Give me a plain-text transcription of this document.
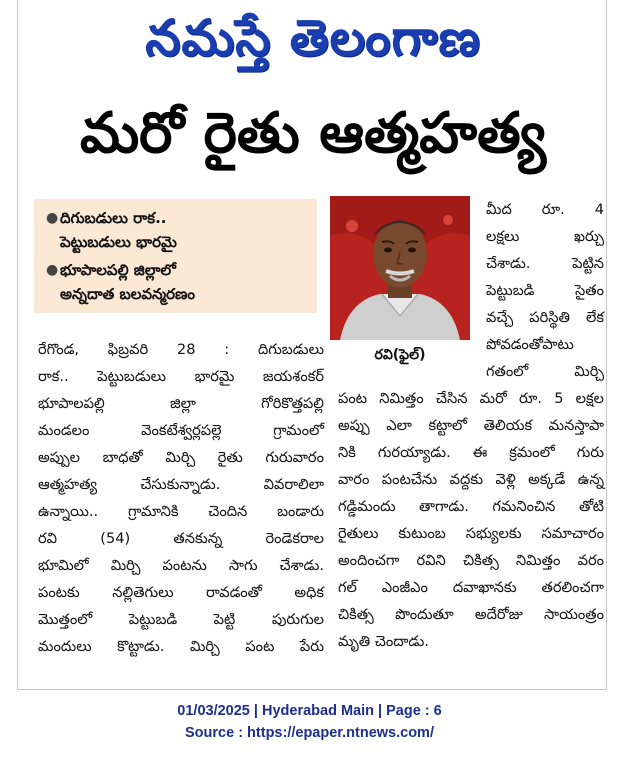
నమస్తే తెలంగాణ
మరో రైతు ఆత్మహత్య
● దిగుబడులు రాక..
పెట్టుబడులు భారమై
● భూపాలపల్లి జిల్లాలో
అన్నదాత బలవన్మరణం
రవి(ఫైల్)
రేగొండ, ఫిబ్రవరి 28 : దిగుబడులు
రాక.. పెట్టుబడులు భారమై జయశంకర్
భూపాలపల్లి జిల్లా గోరికొత్తపల్లి
మండలం వెంకటేశ్వర్లపల్లె గ్రామంలో
అప్పుల బాధతో మిర్చి రైతు గురువారం
ఆత్మహత్య చేసుకున్నాడు. వివరాలిలా
ఉన్నాయి.. గ్రామానికి చెందిన బండారు
రవి (54) తనకున్న రెండెకరాల
భూమిలో మిర్చి పంటను సాగు చేశాడు.
పంటకు నల్లితెగులు రావడంతో అధిక
మొత్తంలో పెట్టుబడి పెట్టి పురుగుల
మందులు కొట్టాడు. మిర్చి పంట పేరు
మీద రూ. 4
లక్షలు ఖర్చు
చేశాడు. పెట్టిన
పెట్టుబడి సైతం
వచ్చే పరిస్థితి లేక
పోవడంతోపాటు
గతంలో మిర్చి
పంట నిమిత్తం చేసిన మరో రూ. 5 లక్షల
అప్పు ఎలా కట్టాలో తెలియక మనస్తాపా
నికి గురయ్యాడు. ఈ క్రమంలో గురు
వారం పంటచేను వద్దకు వెళ్లి అక్కడే ఉన్న
గడ్డిమందు తాగాడు. గమనించిన తోటి
రైతులు కుటుంబ సభ్యులకు సమాచారం
అందించగా రవిని చికిత్స నిమిత్తం వరం
గల్ ఎంజీఎం దవాఖానకు తరలించగా
చికిత్స పొందుతూ అదేరోజు సాయంత్రం
మృతి చెందాడు.
01/03/2025 | Hyderabad Main | Page : 6
Source : https://epaper.ntnews.com/
